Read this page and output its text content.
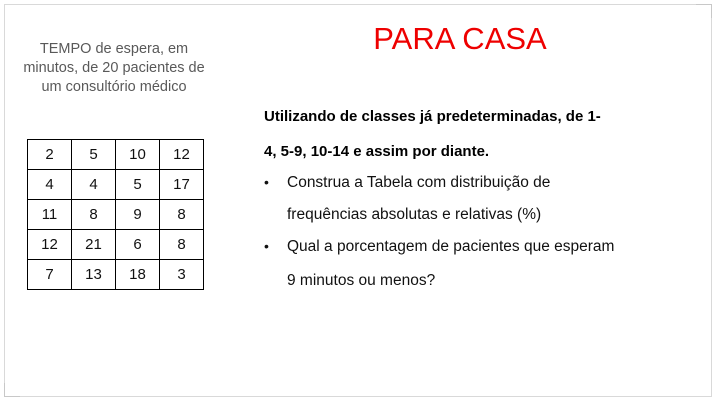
TEMPO de espera, em minutos, de 20 pacientes de um consultório médico
PARA CASA
2	5	10	12
4	4	5	17
11	8	9	8
12	21	6	8
7	13	18	3
Utilizando de classes já predeterminadas, de 1-
4, 5-9, 10-14 e assim por diante.
• Construa a Tabela com distribuição de
frequências absolutas e relativas (%)
• Qual a porcentagem de pacientes que esperam
9 minutos ou menos?
